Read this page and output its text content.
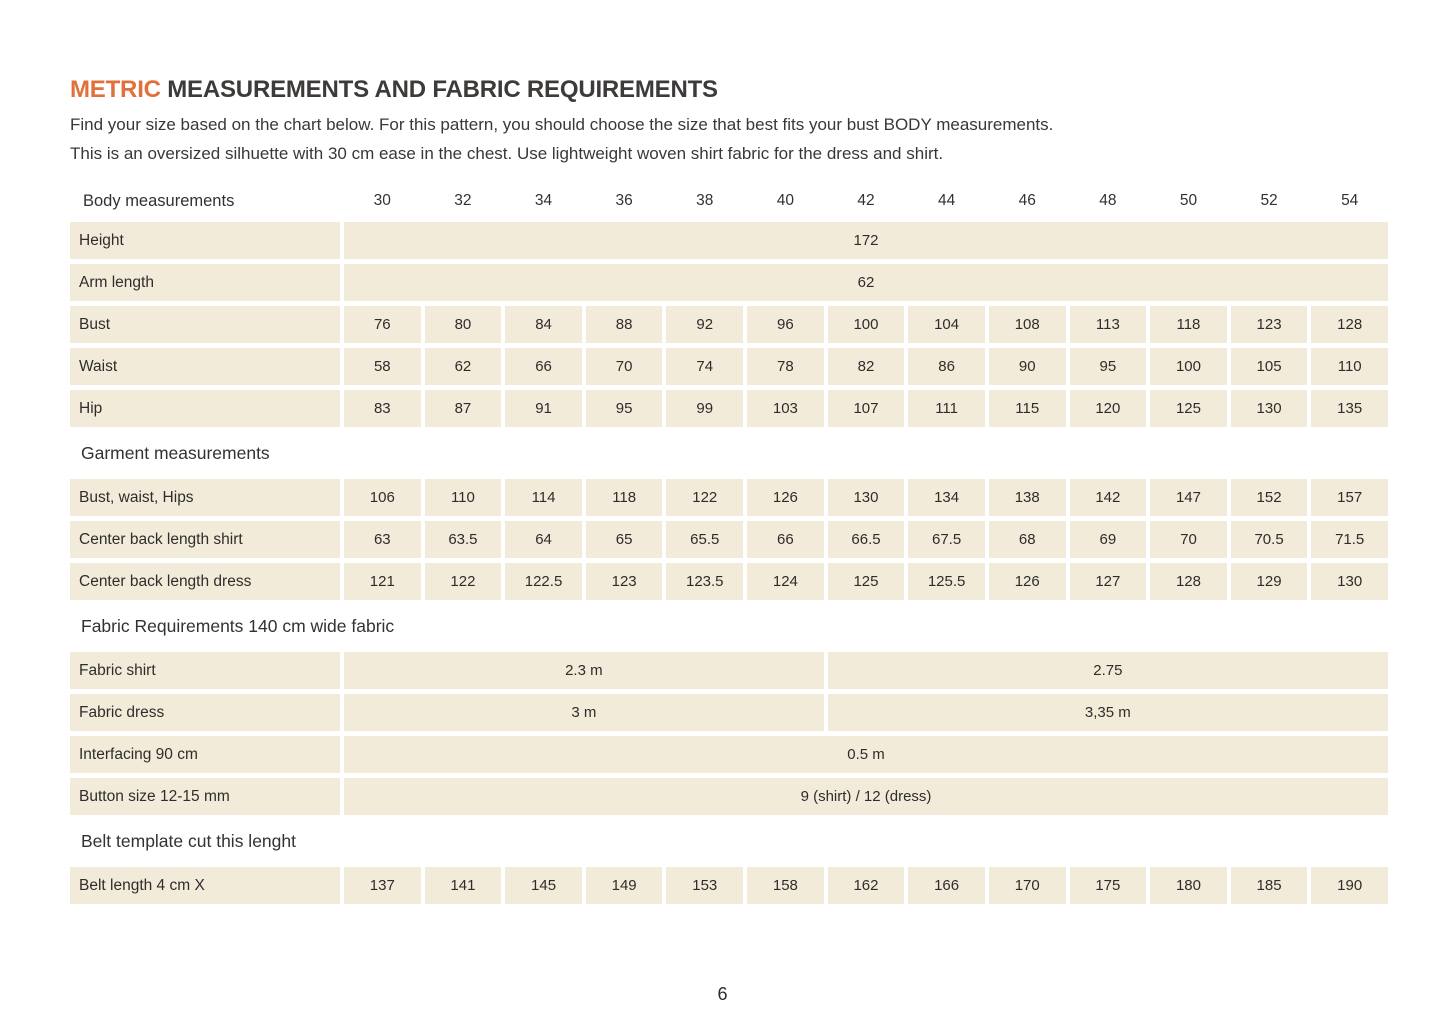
METRIC MEASUREMENTS AND FABRIC REQUIREMENTS

Find your size based on the chart below. For this pattern, you should choose the size that best fits your bust BODY measurements.

This is an oversized silhuette with 30 cm ease in the chest. Use lightweight woven shirt fabric for the dress and shirt.

Body measurements	30	32	34	36	38	40	42	44	46	48	50	52	54
Height	172
Arm length	62
Bust	76	80	84	88	92	96	100	104	108	113	118	123	128
Waist	58	62	66	70	74	78	82	86	90	95	100	105	110
Hip	83	87	91	95	99	103	107	111	115	120	125	130	135
Garment measurements
Bust, waist, Hips	106	110	114	118	122	126	130	134	138	142	147	152	157
Center back length shirt	63	63.5	64	65	65.5	66	66.5	67.5	68	69	70	70.5	71.5
Center back length dress	121	122	122.5	123	123.5	124	125	125.5	126	127	128	129	130
Fabric Requirements 140 cm wide fabric
Fabric shirt	2.3 m	2.75
Fabric dress	3 m	3,35 m
Interfacing 90 cm	0.5 m
Button size 12-15 mm	9 (shirt) / 12 (dress)
Belt template cut this lenght
Belt length 4 cm X	137	141	145	149	153	158	162	166	170	175	180	185	190
6
